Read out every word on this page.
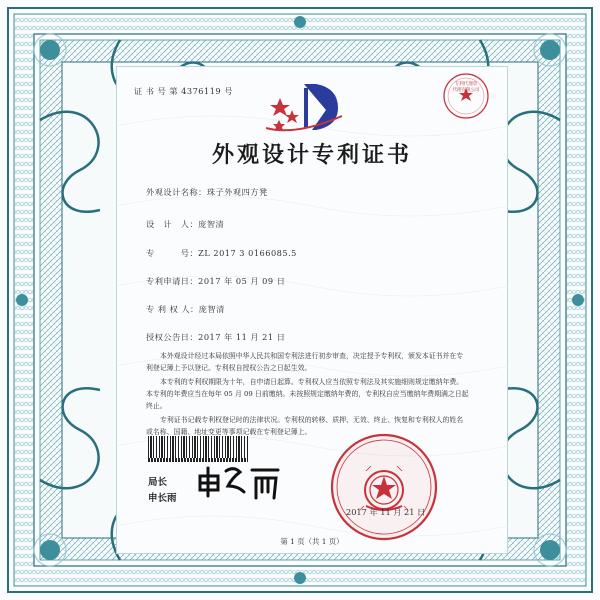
证 书 号 第 4376119 号
专利代理章
代理有限公司
外观设计专利证书
外观设计名称：珠子外观四方凳
设　计　人：庞智清
专　　　号：ZL 2017 3 0166085.5
专利申请日：2017 年 05 月 09 日
专 利 权 人：庞智清
授权公告日：2017 年 11 月 21 日
本外观设计经过本局依照中华人民共和国专利法进行初步审查，决定授予专利权，颁发本证书并在专利登记簿上予以登记。专利权自授权公告之日起生效。
本专利的专利权期限为十年，自申请日起算。专利权人应当依照专利法及其实施细则规定缴纳年费。本专利的年费应当在每年 05 月 09 日前缴纳。未按照规定缴纳年费的，专利权自应当缴纳年费期满之日起终止。
专利证书记载专利权登记时的法律状况。专利权的转移、质押、无效、终止、恢复和专利权人的姓名或名称、国籍、地址变更等事项记载在专利登记簿上。
局长
申长雨
2017 年 11 月 21 日
第 1 页（共 1 页）
